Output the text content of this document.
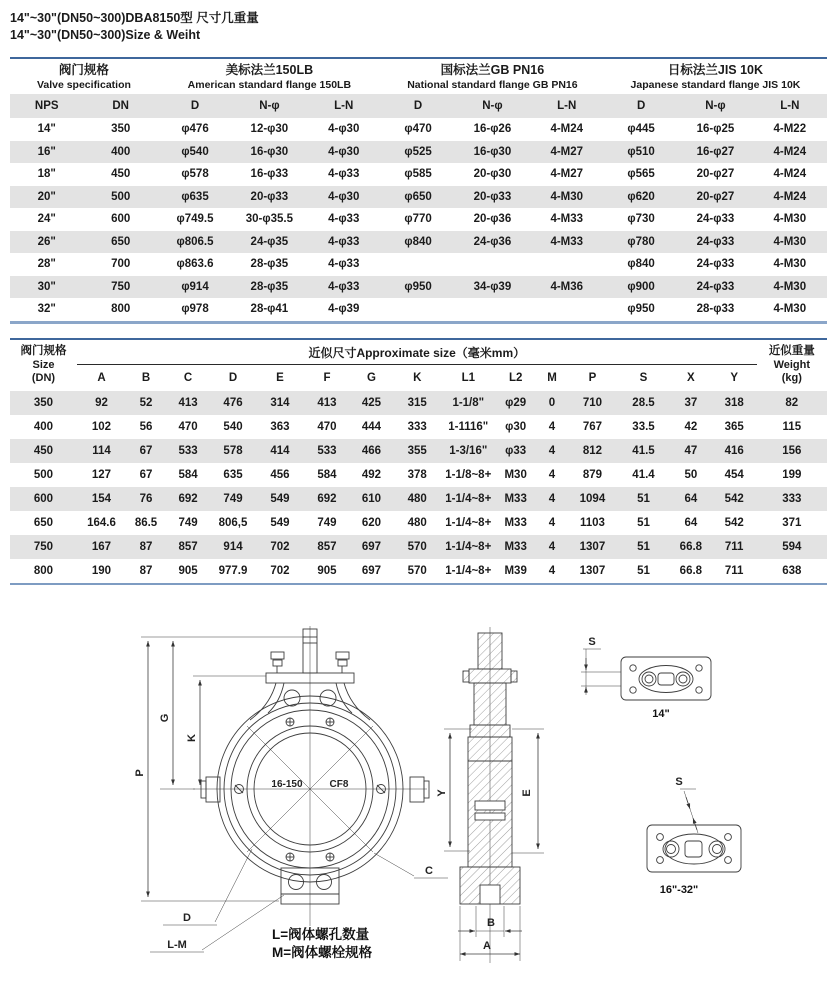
14"~30"(DN50~300)DBA8150型 尺寸几重量
14"~30"(DN50~300)Size & Weiht
阀门规格
Valve specification		美标法兰150LB
American standard flange 150LB			国标法兰GB PN16
National standard flange GB PN16			日标法兰JIS 10K
Japanese standard flange JIS 10K		

NPS	DN	D	N-φ	L-N	D	N-φ	L-N	D	N-φ	L-N
14"	350	φ476	12-φ30	4-φ30	φ470	16-φ26	4-M24	φ445	16-φ25	4-M22
16"	400	φ540	16-φ30	4-φ30	φ525	16-φ30	4-M27	φ510	16-φ27	4-M24
18"	450	φ578	16-φ33	4-φ33	φ585	20-φ30	4-M27	φ565	20-φ27	4-M24
20"	500	φ635	20-φ33	4-φ30	φ650	20-φ33	4-M30	φ620	20-φ27	4-M24
24"	600	φ749.5	30-φ35.5	4-φ33	φ770	20-φ36	4-M33	φ730	24-φ33	4-M30
26"	650	φ806.5	24-φ35	4-φ33	φ840	24-φ36	4-M33	φ780	24-φ33	4-M30
28"	700	φ863.6	28-φ35	4-φ33				φ840	24-φ33	4-M30
30"	750	φ914	28-φ35	4-φ33	φ950	34-φ39	4-M36	φ900	24-φ33	4-M30
32"	800	φ978	28-φ41	4-φ39				φ950	28-φ33	4-M30
阀门规格
Size
(DN)	近似尺寸Approximate size（毫米mm）															近似重量
Weight
(kg)

	A	B	C	D	E	F	G	K	L1	L2	M	P	S	X	Y	
350	92	52	413	476	314	413	425	315	1-1/8"	φ29	0	710	28.5	37	318	82
400	102	56	470	540	363	470	444	333	1-1116"	φ30	4	767	33.5	42	365	115
450	114	67	533	578	414	533	466	355	1-3/16"	φ33	4	812	41.5	47	416	156
500	127	67	584	635	456	584	492	378	1-1/8~8+	M30	4	879	41.4	50	454	199
600	154	76	692	749	549	692	610	480	1-1/4~8+	M33	4	1094	51	64	542	333
650	164.6	86.5	749	806,5	549	749	620	480	1-1/4~8+	M33	4	1103	51	64	542	371
750	167	87	857	914	702	857	697	570	1-1/4~8+	M33	4	1307	51	66.8	711	594
800	190	87	905	977.9	702	905	697	570	1-1/4~8+	M39	4	1307	51	66.8	711	638
16-150	CF8
P
G
K
D
L-M
C
Y	E
B
A
S
14"
S
16"-32"
L=阀体螺孔数量
M=阀体螺栓规格
